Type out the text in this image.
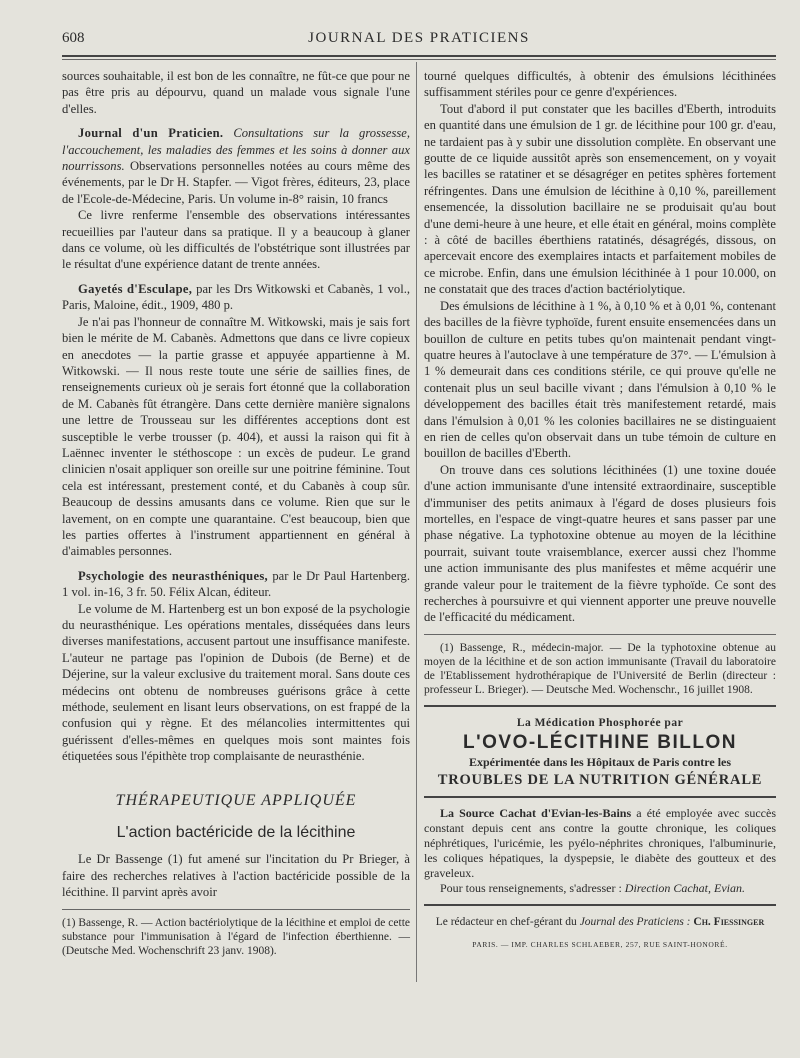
608	JOURNAL DES PRATICIENS

sources souhaitable, il est bon de les connaître, ne fût-ce que pour ne pas être pris au dépourvu, quand un malade vous signale l'une d'elles.

Journal d'un Praticien. Consultations sur la grossesse, l'accouchement, les maladies des femmes et les soins à donner aux nourrissons. Observations personnelles notées au cours même des événements, par le Dr H. Stapfer. — Vigot frères, éditeurs, 23, place de l'Ecole-de-Médecine, Paris. Un volume in-8° raisin, 10 francs

Ce livre renferme l'ensemble des observations intéressantes recueillies par l'auteur dans sa pratique. Il y a beaucoup à glaner dans ce volume, où les difficultés de l'obstétrique sont illustrées par le résultat d'une expérience datant de trente années.

Gayetés d'Esculape, par les Drs Witkowski et Cabanès, 1 vol., Paris, Maloine, édit., 1909, 480 p.

Je n'ai pas l'honneur de connaître M. Witkowski, mais je sais fort bien le mérite de M. Cabanès. Admettons que dans ce livre copieux en anecdotes — la partie grasse et appuyée appartienne à M. Witkowski. — Il nous reste toute une série de saillies fines, de renseignements curieux où je serais fort étonné que la collaboration de M. Cabanès fût étrangère. Dans cette dernière manière signalons une lettre de Trousseau sur les différentes acceptions dont est susceptible le verbe trousser (p. 404), et aussi la raison qui fit à Laënnec inventer le stéthoscope : un excès de pudeur. Le grand clinicien n'osait appliquer son oreille sur une poitrine féminine. Tout cela est intéressant, prestement conté, et du Cabanès à coup sûr. Beaucoup de dessins amusants dans ce volume. Rien que sur le lavement, on en compte une quarantaine. C'est beaucoup, bien que les parties offertes à l'instrument appartiennent en général à d'aimables personnes.

Psychologie des neurasthéniques, par le Dr Paul Hartenberg. 1 vol. in-16, 3 fr. 50. Félix Alcan, éditeur.

Le volume de M. Hartenberg est un bon exposé de la psychologie du neurasthénique. Les opérations mentales, disséquées dans leurs diverses manifestations, accusent partout une insuffisance manifeste. L'auteur ne partage pas l'opinion de Dubois (de Berne) et de Déjerine, sur la valeur exclusive du traitement moral. Sans doute ces médecins ont obtenu de nombreuses guérisons grâce à cette méthode, seulement en lisant leurs observations, on est frappé de la confusion qui y règne. Et des mélancolies intermittentes qui guérissent d'elles-mêmes en quelques mois sont maintes fois étiquetées sous l'épithète trop complaisante de neurasthénie.

THÉRAPEUTIQUE APPLIQUÉE
L'action bactéricide de la lécithine

Le Dr Bassenge (1) fut amené sur l'incitation du Pr Brieger, à faire des recherches relatives à l'action bactéricide possible de la lécithine. Il parvint après avoir

(1) Bassenge, R. — Action bactériolytique de la lécithine et emploi de cette substance pour l'immunisation à l'égard de l'infection éberthienne. — (Deutsche Med. Wochenschrift 23 janv. 1908).

tourné quelques difficultés, à obtenir des émulsions lécithinées suffisamment stériles pour ce genre d'expériences.

Tout d'abord il put constater que les bacilles d'Eberth, introduits en quantité dans une émulsion de 1 gr. de lécithine pour 100 gr. d'eau, ne tardaient pas à y subir une dissolution complète. En observant une goutte de ce liquide aussitôt après son ensemencement, on y voyait les bacilles se ratatiner et se désagréger en petites sphères fortement réfringentes. Dans une émulsion de lécithine à 0,10 %, pareillement ensemencée, la dissolution bacillaire ne se produisait qu'au bout d'une demi-heure à une heure, et elle était en général, moins complète : à côté de bacilles éberthiens ratatinés, désagrégés, dissous, on apercevait encore des exemplaires intacts et parfaitement mobiles de ce microbe. Enfin, dans une émulsion lécithinée à 1 pour 10.000, on ne constatait que des traces d'action bactériolytique.

Des émulsions de lécithine à 1 %, à 0,10 % et à 0,01 %, contenant des bacilles de la fièvre typhoïde, furent ensuite ensemencées dans un bouillon de culture en petits tubes qu'on maintenait pendant vingt-quatre heures à l'autoclave à une température de 37°. — L'émulsion à 1 % demeurait dans ces conditions stérile, ce qui prouve qu'elle ne contenait plus un seul bacille vivant ; dans l'émulsion à 0,10 % le développement des bacilles était très manifestement retardé, mais dans l'émulsion à 0,01 % les colonies bacillaires ne se distinguaient en rien de celles qu'on observait dans un tube témoin de culture en bouillon de bacilles d'Eberth.

On trouve dans ces solutions lécithinées (1) une toxine douée d'une action immunisante d'une intensité extraordinaire, susceptible d'immuniser des petits animaux à l'égard de doses plusieurs fois mortelles, en l'espace de vingt-quatre heures et sans passer par une phase négative. La typhotoxine obtenue au moyen de la lécithine pourrait, suivant toute vraisemblance, exercer aussi chez l'homme une action immunisante des plus manifestes et même acquérir une grande valeur pour le traitement de la fièvre typhoïde. Ce sont des recherches à poursuivre et qui viennent apporter une preuve nouvelle de l'efficacité du médicament.

(1) Bassenge, R., médecin-major. — De la typhotoxine obtenue au moyen de la lécithine et de son action immunisante (Travail du laboratoire de l'Etablissement hydrothérapique de l'Université de Berlin (directeur : professeur L. Brieger). — Deutsche Med. Wochenschr., 16 juillet 1908.

La Médication Phosphorée par
L'OVO-LÉCITHINE BILLON
Expérimentée dans les Hôpitaux de Paris contre les
TROUBLES DE LA NUTRITION GÉNÉRALE

La Source Cachat d'Evian-les-Bains a été employée avec succès constant depuis cent ans contre la goutte chronique, les coliques néphrétiques, l'uricémie, les pyélo-néphrites chroniques, l'albuminurie, les coliques hépatiques, la dyspepsie, le diabète des goutteux et des graveleux.

Pour tous renseignements, s'adresser : Direction Cachat, Evian.

Le rédacteur en chef-gérant du Journal des Praticiens : Ch. Fiessinger

PARIS. — IMP. CHARLES SCHLAEBER, 257, RUE SAINT-HONORÉ.
